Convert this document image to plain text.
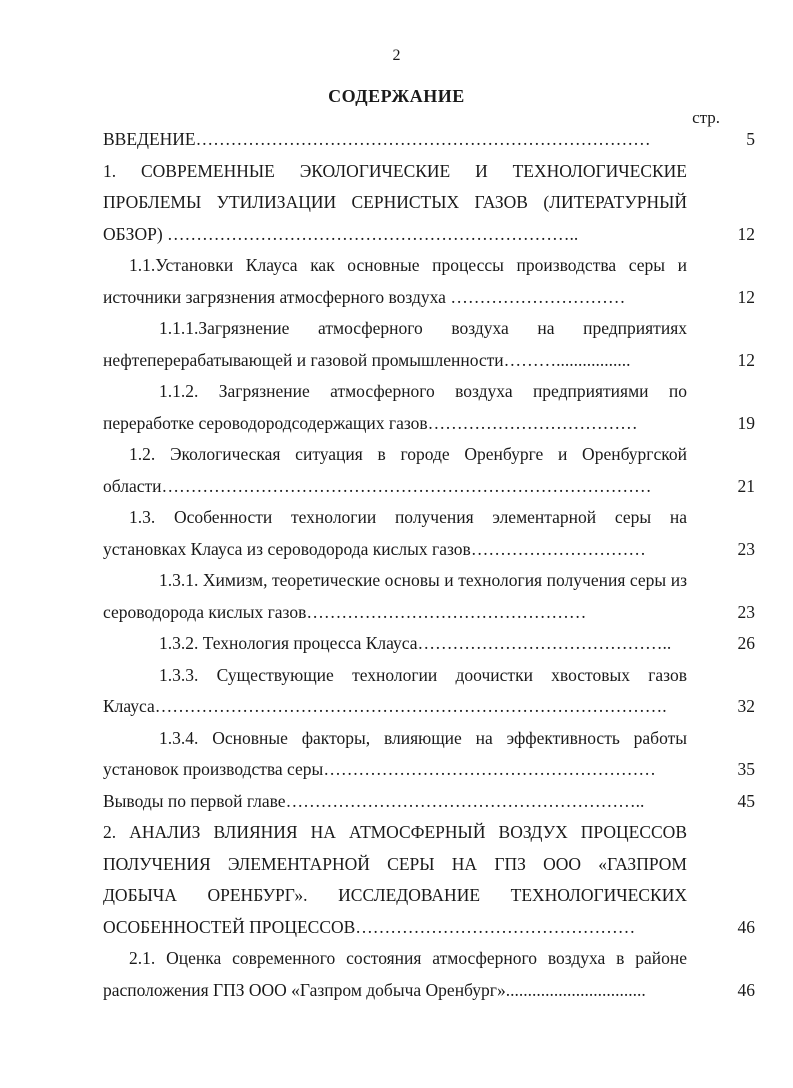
2
СОДЕРЖАНИЕ
стр.
ВВЕДЕНИЕ……………………………………………………………………	5
1. СОВРЕМЕННЫЕ ЭКОЛОГИЧЕСКИЕ И ТЕХНОЛОГИЧЕСКИЕ ПРОБЛЕМЫ УТИЛИЗАЦИИ СЕРНИСТЫХ ГАЗОВ (ЛИТЕРАТУРНЫЙ ОБЗОР) ……………………………………………………………..	12
1.1.Установки Клауса как основные процессы производства серы и источники загрязнения атмосферного воздуха …………………………	12
1.1.1.Загрязнение атмосферного воздуха на предприятиях нефтеперерабатывающей и газовой промышленности……….................	12
1.1.2. Загрязнение атмосферного воздуха предприятиями по переработке сероводородсодержащих газов………………………………	19
1.2. Экологическая ситуация в городе Оренбурге и Оренбургской области…………………………………………………………………………	21
1.3. Особенности технологии получения элементарной серы на установках Клауса из сероводорода кислых газов…………………………	23
1.3.1. Химизм, теоретические основы и технология получения серы из сероводорода кислых газов…………………………………………	23
1.3.2. Технология процесса Клауса……………………………………..	26
1.3.3. Существующие технологии доочистки хвостовых газов Клауса…………………………………………………………………………….	32
1.3.4. Основные факторы, влияющие на эффективность работы установок производства серы…………………………………………………	35
Выводы по первой главе……………………………………………………..	45
2. АНАЛИЗ ВЛИЯНИЯ НА АТМОСФЕРНЫЙ ВОЗДУХ ПРОЦЕССОВ ПОЛУЧЕНИЯ ЭЛЕМЕНТАРНОЙ СЕРЫ НА ГПЗ ООО «ГАЗПРОМ ДОБЫЧА ОРЕНБУРГ». ИССЛЕДОВАНИЕ ТЕХНОЛОГИЧЕСКИХ ОСОБЕННОСТЕЙ ПРОЦЕССОВ…………………………………………	46
2.1. Оценка современного состояния атмосферного воздуха в районе расположения ГПЗ ООО «Газпром добыча Оренбург»................................	46
